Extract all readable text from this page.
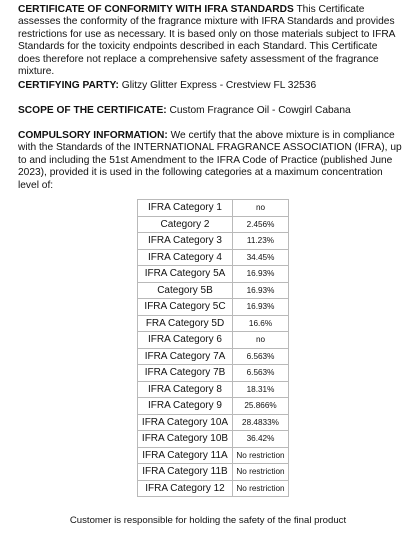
CERTIFICATE OF CONFORMITY WITH IFRA STANDARDS This Certificate assesses the conformity of the fragrance mixture with IFRA Standards and provides restrictions for use as necessary. It is based only on those materials subject to IFRA Standards for the toxicity endpoints described in each Standard. This Certificate does therefore not replace a comprehensive safety assessment of the fragrance mixture.
CERTIFYING PARTY: Glitzy Glitter Express - Crestview FL 32536
SCOPE OF THE CERTIFICATE: Custom Fragrance Oil - Cowgirl Cabana
COMPULSORY INFORMATION: We certify that the above mixture is in compliance with the Standards of the INTERNATIONAL FRAGRANCE ASSOCIATION (IFRA), up to and including the 51st Amendment to the IFRA Code of Practice (published June 2023), provided it is used in the following categories at a maximum concentration level of:
IFRA Category 1	no
Category 2	2.456%
IFRA Category 3	11.23%
IFRA Category 4	34.45%
IFRA Category 5A	16.93%
Category 5B	16.93%
IFRA Category 5C	16.93%
FRA Category 5D	16.6%
IFRA Category 6	no
IFRA Category 7A	6.563%
IFRA Category 7B	6.563%
IFRA Category 8	18.31%
IFRA Category 9	25.866%
IFRA Category 10A	28.4833%
IFRA Category 10B	36.42%
IFRA Category 11A	No restriction
IFRA Category 11B	No restriction
IFRA Category 12	No restriction
Customer is responsible for holding the safety of the final product
